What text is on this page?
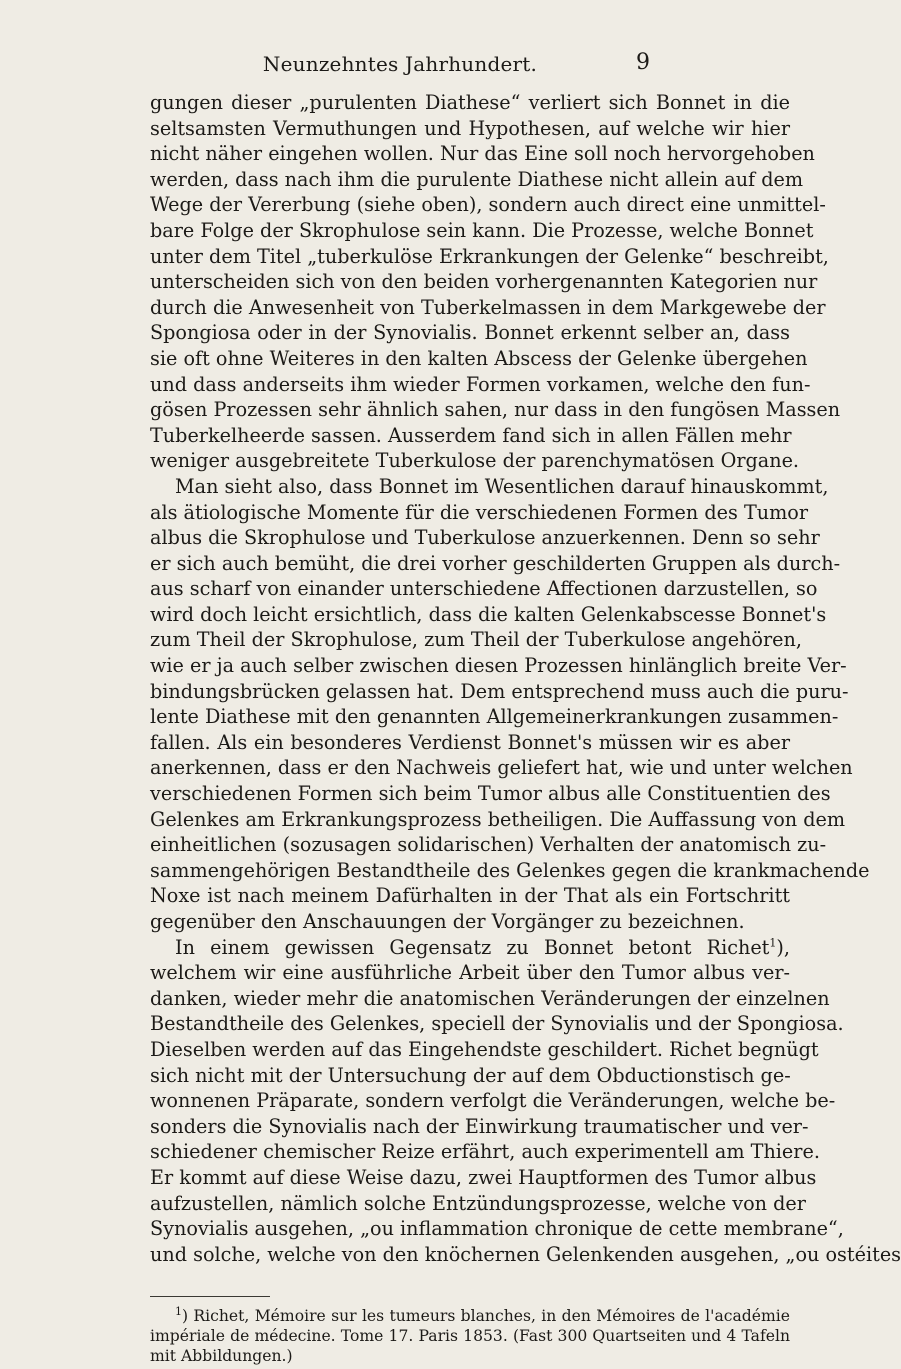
Neunzehntes Jahrhundert.	9
gungen dieser „purulenten Diathese“ verliert sich Bonnet in die
seltsamsten Vermuthungen und Hypothesen, auf welche wir hier
nicht näher eingehen wollen. Nur das Eine soll noch hervorgehoben
werden, dass nach ihm die purulente Diathese nicht allein auf dem
Wege der Vererbung (siehe oben), sondern auch direct eine unmittel-
bare Folge der Skrophulose sein kann. Die Prozesse, welche Bonnet
unter dem Titel „tuberkulöse Erkrankungen der Gelenke“ beschreibt,
unterscheiden sich von den beiden vorhergenannten Kategorien nur
durch die Anwesenheit von Tuberkelmassen in dem Markgewebe der
Spongiosa oder in der Synovialis. Bonnet erkennt selber an, dass
sie oft ohne Weiteres in den kalten Abscess der Gelenke übergehen
und dass anderseits ihm wieder Formen vorkamen, welche den fun-
gösen Prozessen sehr ähnlich sahen, nur dass in den fungösen Massen
Tuberkelheerde sassen. Ausserdem fand sich in allen Fällen mehr
weniger ausgebreitete Tuberkulose der parenchymatösen Organe.
Man sieht also, dass Bonnet im Wesentlichen darauf hinauskommt,
als ätiologische Momente für die verschiedenen Formen des Tumor
albus die Skrophulose und Tuberkulose anzuerkennen. Denn so sehr
er sich auch bemüht, die drei vorher geschilderten Gruppen als durch-
aus scharf von einander unterschiedene Affectionen darzustellen, so
wird doch leicht ersichtlich, dass die kalten Gelenkabscesse Bonnet's
zum Theil der Skrophulose, zum Theil der Tuberkulose angehören,
wie er ja auch selber zwischen diesen Prozessen hinlänglich breite Ver-
bindungsbrücken gelassen hat. Dem entsprechend muss auch die puru-
lente Diathese mit den genannten Allgemeinerkrankungen zusammen-
fallen. Als ein besonderes Verdienst Bonnet's müssen wir es aber
anerkennen, dass er den Nachweis geliefert hat, wie und unter welchen
verschiedenen Formen sich beim Tumor albus alle Constituentien des
Gelenkes am Erkrankungsprozess betheiligen. Die Auffassung von dem
einheitlichen (sozusagen solidarischen) Verhalten der anatomisch zu-
sammengehörigen Bestandtheile des Gelenkes gegen die krankmachende
Noxe ist nach meinem Dafürhalten in der That als ein Fortschritt
gegenüber den Anschauungen der Vorgänger zu bezeichnen.
In einem gewissen Gegensatz zu Bonnet betont Richet$^1$),
welchem wir eine ausführliche Arbeit über den Tumor albus ver-
danken, wieder mehr die anatomischen Veränderungen der einzelnen
Bestandtheile des Gelenkes, speciell der Synovialis und der Spongiosa.
Dieselben werden auf das Eingehendste geschildert. Richet begnügt
sich nicht mit der Untersuchung der auf dem Obductionstisch ge-
wonnenen Präparate, sondern verfolgt die Veränderungen, welche be-
sonders die Synovialis nach der Einwirkung traumatischer und ver-
schiedener chemischer Reize erfährt, auch experimentell am Thiere.
Er kommt auf diese Weise dazu, zwei Hauptformen des Tumor albus
aufzustellen, nämlich solche Entzündungsprozesse, welche von der
Synovialis ausgehen, „ou inflammation chronique de cette membrane“,
und solche, welche von den knöchernen Gelenkenden ausgehen, „ou ostéites
$^1$) Richet, Mémoire sur les tumeurs blanches, in den Mémoires de l'académie
impériale de médecine. Tome 17. Paris 1853. (Fast 300 Quartseiten und 4 Tafeln
mit Abbildungen.)
